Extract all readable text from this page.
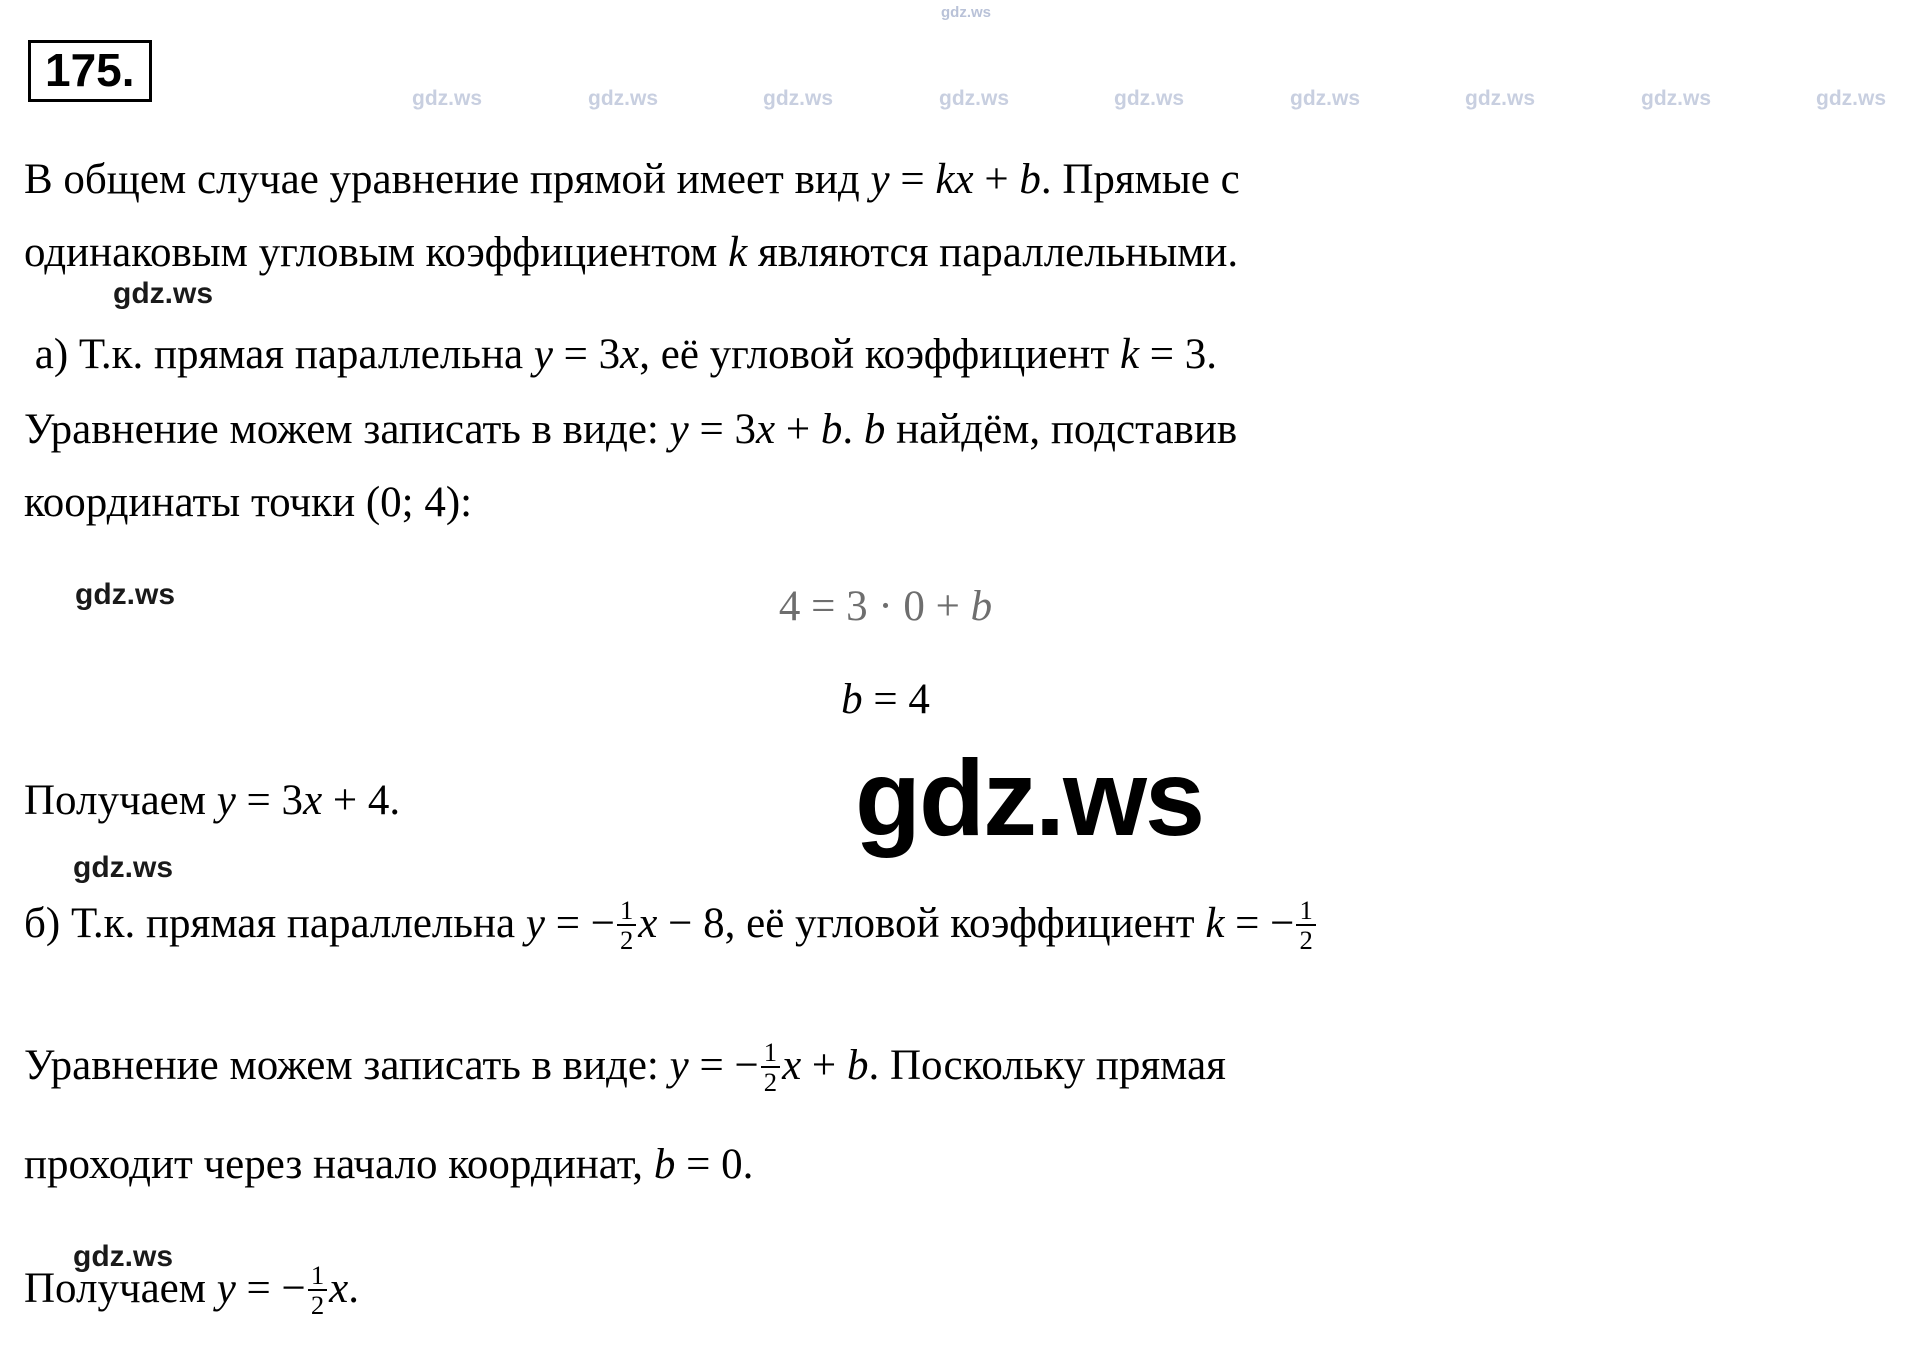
gdz.ws
gdz.ws	gdz.ws	gdz.ws	gdz.ws	gdz.ws	gdz.ws	gdz.ws	gdz.ws	gdz.ws
175.
В общем случае уравнение прямой имеет вид y = kx + b. Прямые с
одинаковым угловым коэффициентом k являются параллельными.
gdz.ws
а) Т.к. прямая параллельна y = 3x, её угловой коэффициент k = 3.
Уравнение можем записать в виде: y = 3x + b. b найдём, подставив
координаты точки (0; 4):
gdz.ws	4 = 3 · 0 + b
b = 4
gdz.ws
Получаем y = 3x + 4.
gdz.ws
б) Т.к. прямая параллельна y = − $\frac{1}{2}$ x − 8, её угловой коэффициент k = − $\frac{1}{2}$
Уравнение можем записать в виде: y = − $\frac{1}{2}$ x + b. Поскольку прямая
проходит через начало координат, b = 0.
gdz.ws
Получаем y = − $\frac{1}{2} x$.
